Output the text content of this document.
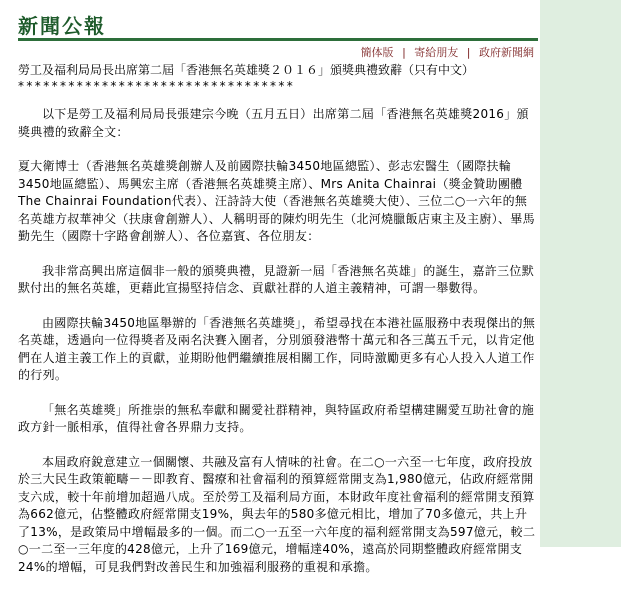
新聞公報
簡体版 | 寄給朋友 | 政府新聞網
勞工及福利局局長出席第二屆「香港無名英雄獎２０１６」頒獎典禮致辭（只有中文）
*********************************

以下是勞工及福利局局長張建宗今晚（五月五日）出席第二屆「香港無名英雄獎2016」頒獎典禮的致辭全文：

夏大衛博士（香港無名英雄獎創辦人及前國際扶輪3450地區總監）、彭志宏醫生（國際扶輪3450地區總監）、馬興宏主席（香港無名英雄獎主席）、Mrs Anita Chainrai（獎金贊助團體The Chainrai Foundation代表）、汪詩詩大使（香港無名英雄獎大使）、三位二○一六年的無名英雄方叔華神父（扶康會創辦人）、人稱明哥的陳灼明先生（北河燒臘飯店東主及主廚）、畢馬勤先生（國際十字路會創辦人）、各位嘉賓、各位朋友：

我非常高興出席這個非一般的頒獎典禮，見證新一屆「香港無名英雄」的誕生，嘉許三位默默付出的無名英雄，更藉此宣揚堅持信念、貢獻社群的人道主義精神，可謂一舉數得。

由國際扶輪3450地區舉辦的「香港無名英雄獎」，希望尋找在本港社區服務中表現傑出的無名英雄，透過向一位得獎者及兩名決賽入圍者，分別頒發港幣十萬元和各三萬五千元，以肯定他們在人道主義工作上的貢獻，並期盼他們繼續推展相關工作，同時激勵更多有心人投入人道工作的行列。

「無名英雄獎」所推崇的無私奉獻和關愛社群精神，與特區政府希望構建關愛互助社會的施政方針一脈相承，值得社會各界鼎力支持。

本屆政府銳意建立一個關懷、共融及富有人情味的社會。在二○一六至一七年度，政府投放於三大民生政策範疇－－即教育、醫療和社會福利的預算經常開支為1,980億元，佔政府經常開支六成，較十年前增加超過八成。至於勞工及福利局方面，本財政年度社會福利的經常開支預算為662億元，佔整體政府經常開支19%，與去年的580多億元相比，增加了70多億元，共上升了13%，是政策局中增幅最多的一個。而二○一五至一六年度的福利經常開支為597億元，較二○一二至一三年度的428億元，上升了169億元，增幅達40%，遠高於同期整體政府經常開支24%的增幅，可見我們對改善民生和加強福利服務的重視和承擔。
